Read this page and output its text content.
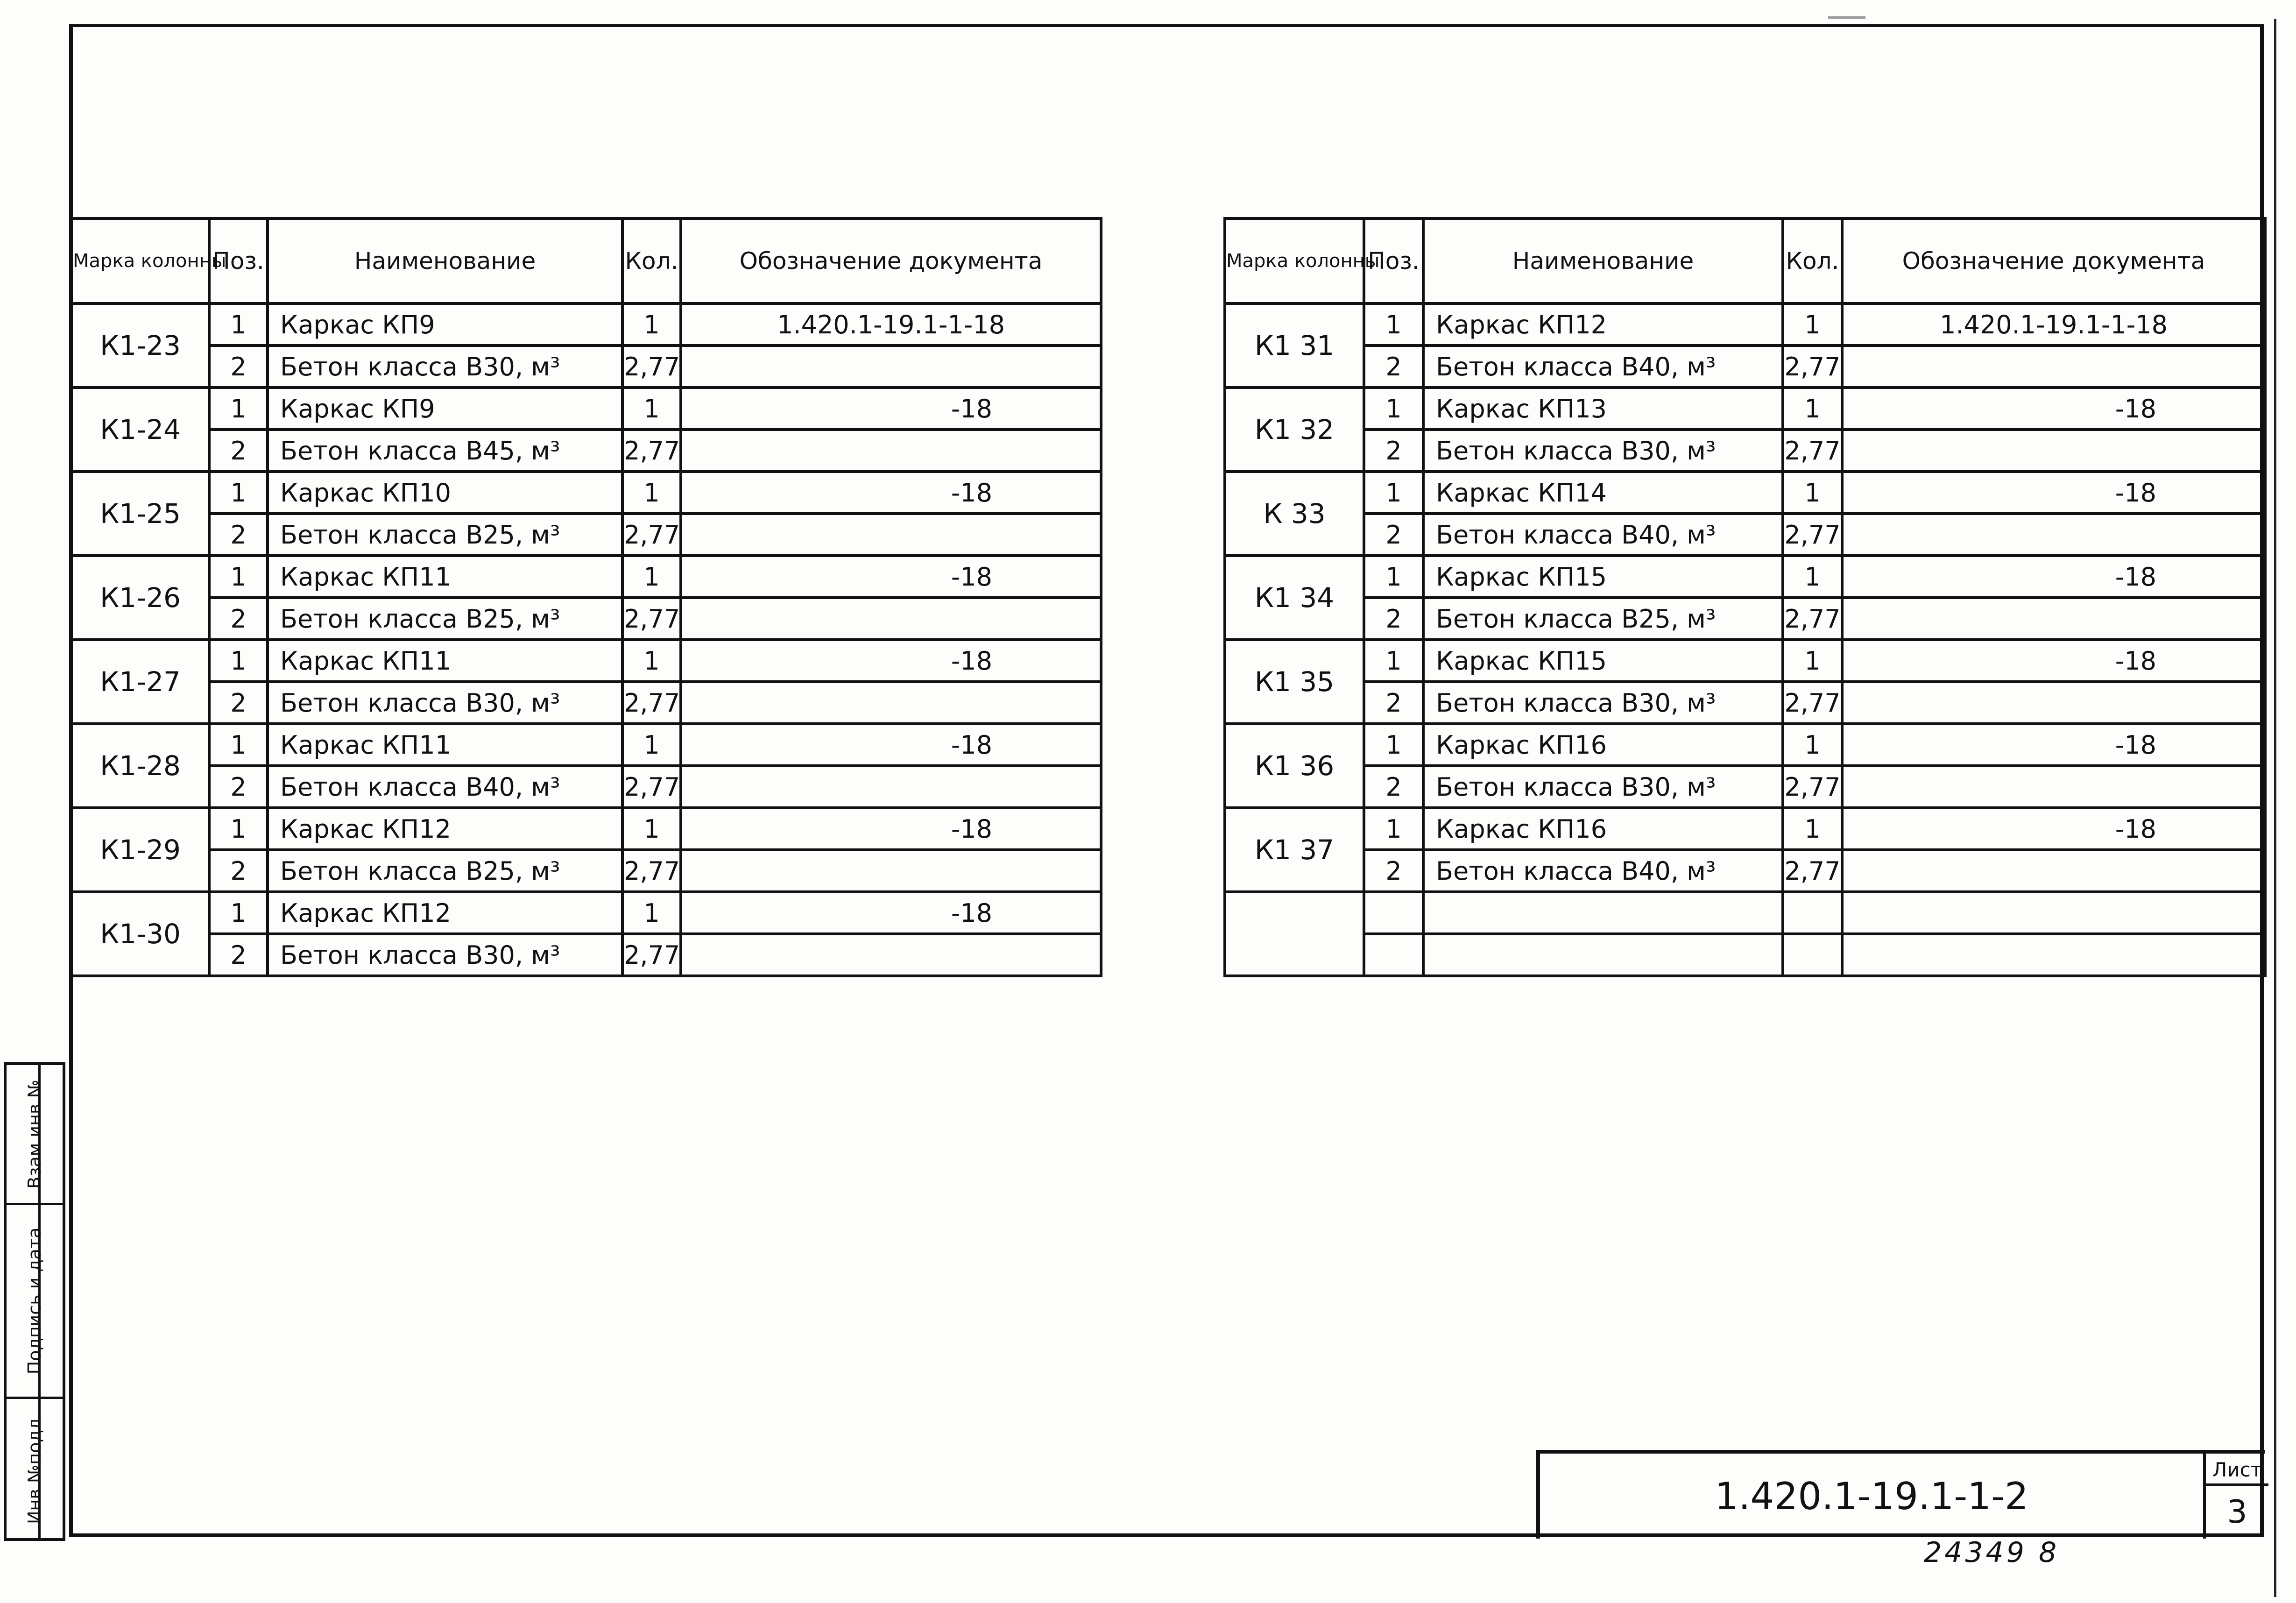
Взам.инв.№
Подпись и дата
Инв.№подл.
Марка колонны	Поз.	Наименование	Кол.	Обозначение документа
К1-23	1	Каркас КП9	1	1.420.1-19.1-1-18
	2	Бетон класса В30, м³	2,77	
К1-24	1	Каркас КП9	1	-18
	2	Бетон класса В45, м³	2,77	
К1-25	1	Каркас КП10	1	-18
	2	Бетон класса В25, м³	2,77	
К1-26	1	Каркас КП11	1	-18
	2	Бетон класса В25, м³	2,77	
К1-27	1	Каркас КП11	1	-18
	2	Бетон класса В30, м³	2,77	
К1-28	1	Каркас КП11	1	-18
	2	Бетон класса В40, м³	2,77	
К1-29	1	Каркас КП12	1	-18
	2	Бетон класса В25, м³	2,77	
К1-30	1	Каркас КП12	1	-18
	2	Бетон класса В30, м³	2,77	
Марка колонны	Поз.	Наименование	Кол.	Обозначение документа
К1 31	1	Каркас КП12	1	1.420.1-19.1-1-18
	2	Бетон класса В40, м³	2,77	
К1 32	1	Каркас КП13	1	-18
	2	Бетон класса В30, м³	2,77	
К 33	1	Каркас КП14	1	-18
	2	Бетон класса В40, м³	2,77	
К1 34	1	Каркас КП15	1	-18
	2	Бетон класса В25, м³	2,77	
К1 35	1	Каркас КП15	1	-18
	2	Бетон класса В30, м³	2,77	
К1 36	1	Каркас КП16	1	-18
	2	Бетон класса В30, м³	2,77	
К1 37	1	Каркас КП16	1	-18
	2	Бетон класса В40, м³	2,77	

1.420.1-19.1-1-2
Лист
3
24349 8
